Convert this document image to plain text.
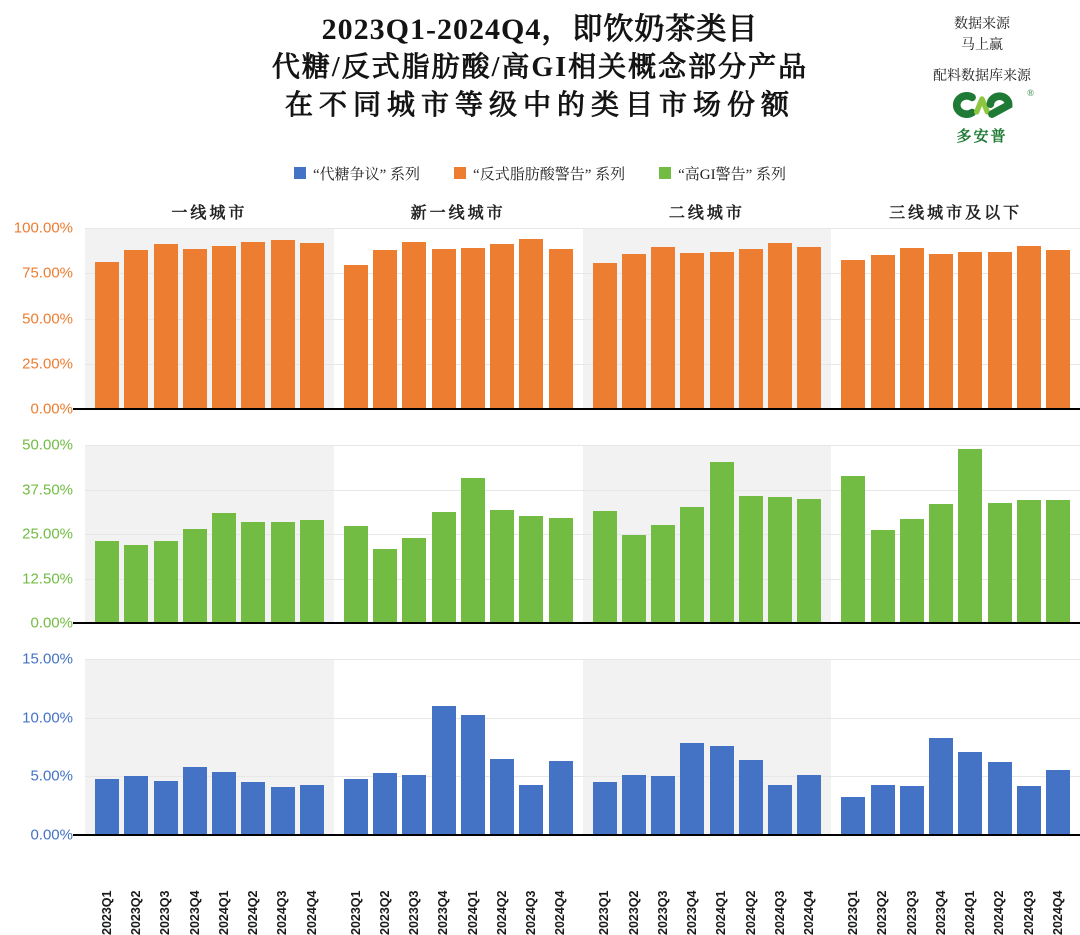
2023Q1-2024Q4，即饮奶茶类目
代糖/反式脂肪酸/高GI相关概念部分产品
在不同城市等级中的类目市场份额
数据来源
马上赢
配料数据库来源
®
多安普
“代糖争议” 系列	“反式脂肪酸警告” 系列	“高GI警告” 系列
一线城市	新一线城市	二线城市	三线城市及以下
100.00%
75.00%
50.00%
25.00%
0.00%
50.00%
37.50%
25.00%
12.50%
0.00%
15.00%
10.00%
5.00%
0.00%
2023Q1 2023Q2 2023Q3 2023Q4 2024Q1 2024Q2 2024Q3 2024Q4 2023Q1 2023Q2 2023Q3 2023Q4 2024Q1 2024Q2 2024Q3 2024Q4 2023Q1 2023Q2 2023Q3 2023Q4 2024Q1 2024Q2 2024Q3 2024Q4 2023Q1 2023Q2 2023Q3 2023Q4 2024Q1 2024Q2 2024Q3 2024Q4
